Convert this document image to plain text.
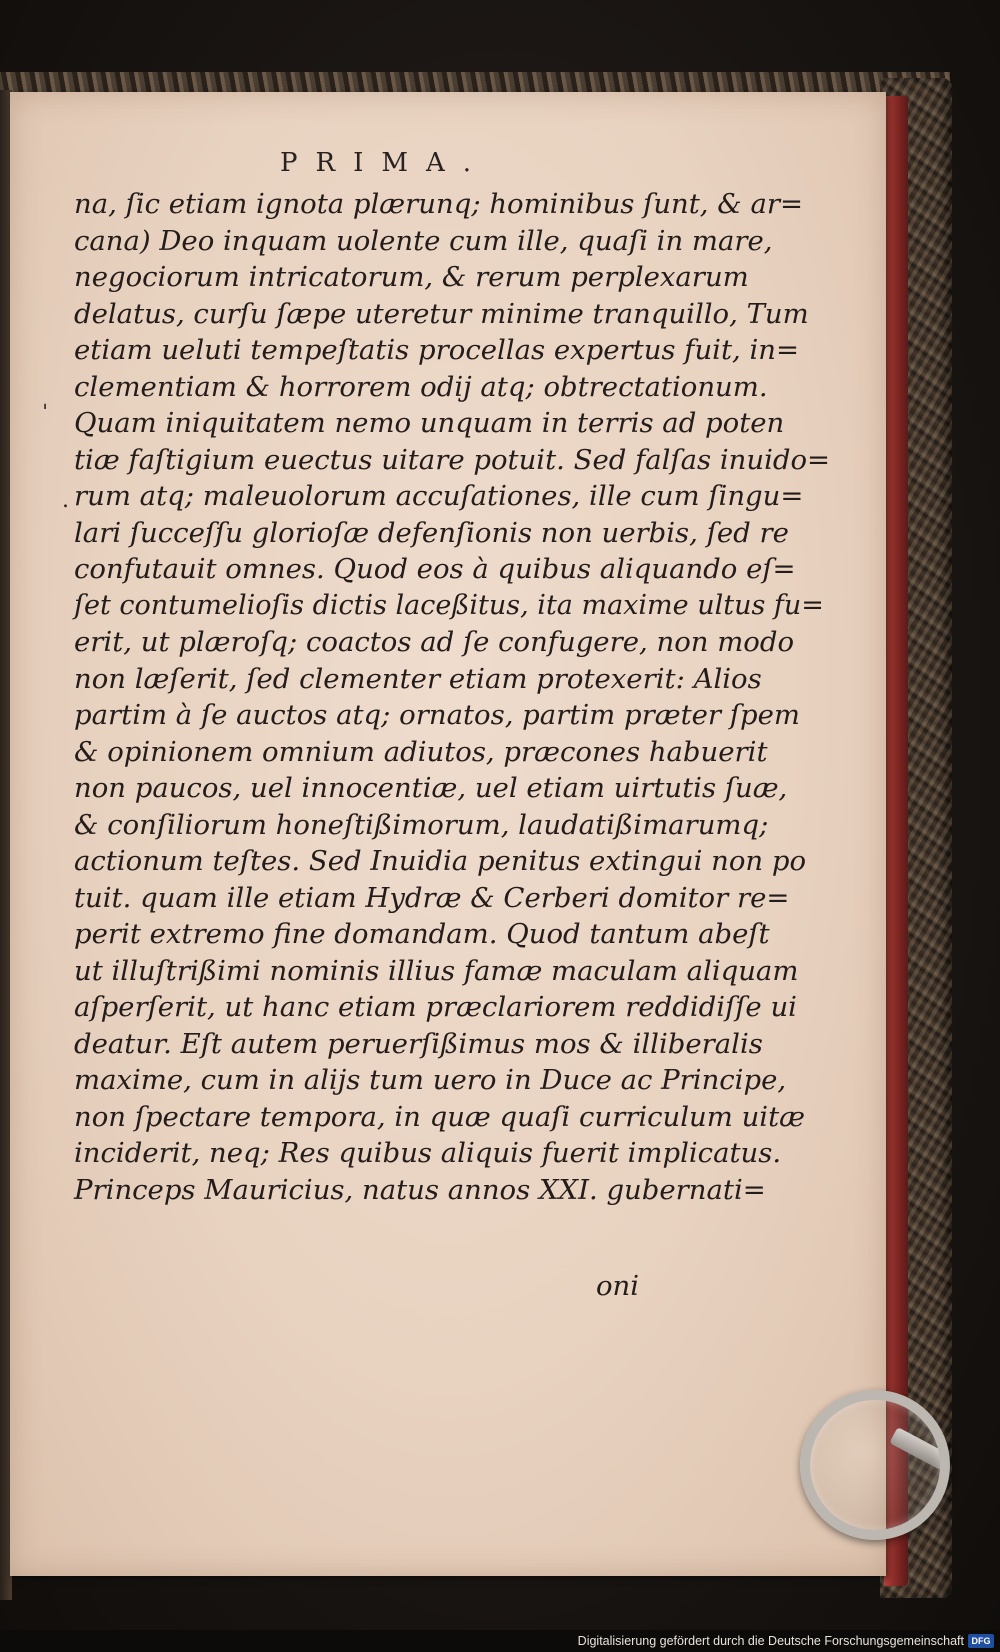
PRIMA.
ˈ
.
na, ſic etiam ignota plærunq; hominibus ſunt, & ar=
cana) Deo inquam uolente cum ille, quaſi in mare,
negociorum intricatorum, & rerum perplexarum
delatus, curſu ſæpe uteretur minime tranquillo, Tum
etiam ueluti tempeſtatis procellas expertus fuit, in=
clementiam & horrorem odij atq; obtrectationum.
Quam iniquitatem nemo unquam in terris ad poten
tiæ faſtigium euectus uitare potuit. Sed falſas inuido=
rum atq; maleuolorum accuſationes, ille cum ſingu=
lari ſucceſſu glorioſæ defenſionis non uerbis, ſed re
confutauit omnes. Quod eos à quibus aliquando eſ=
ſet contumelioſis dictis laceßitus, ita maxime ultus fu=
erit, ut plæroſq; coactos ad ſe confugere, non modo
non læſerit, ſed clementer etiam protexerit: Alios
partim à ſe auctos atq; ornatos, partim præter ſpem
& opinionem omnium adiutos, præcones habuerit
non paucos, uel innocentiæ, uel etiam uirtutis ſuæ,
& conſiliorum honeſtißimorum, laudatißimarumq;
actionum teſtes. Sed Inuidia penitus extingui non po
tuit. quam ille etiam Hydræ & Cerberi domitor re=
perit extremo fine domandam. Quod tantum abeſt
ut illuſtrißimi nominis illius famæ maculam aliquam
aſperſerit, ut hanc etiam præclariorem reddidiſſe ui
deatur. Eſt autem peruerſißimus mos & illiberalis
maxime, cum in alijs tum uero in Duce ac Principe,
non ſpectare tempora, in quæ quaſi curriculum uitæ
inciderit, neq; Res quibus aliquis fuerit implicatus.
Princeps Mauricius, natus annos XXI. gubernati=
oni
Digitalisierung gefördert durch die Deutsche Forschungsgemeinschaft DFG
